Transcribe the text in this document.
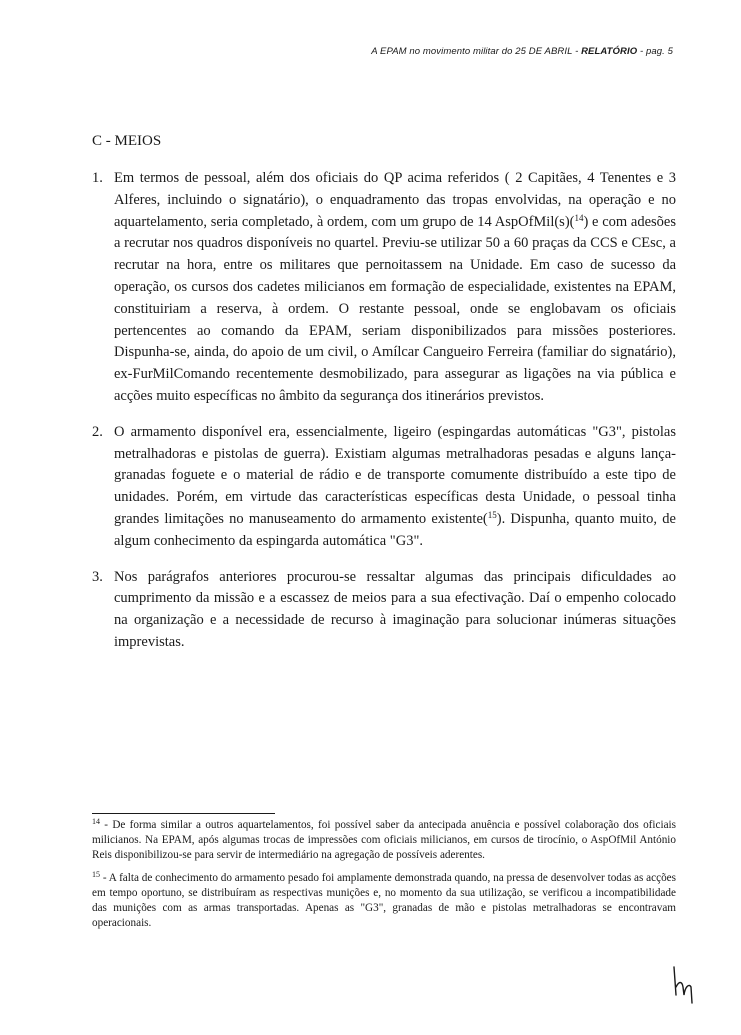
A EPAM no movimento militar do 25 DE ABRIL - RELATÓRIO - pag. 5
C - MEIOS
1. Em termos de pessoal, além dos oficiais do QP acima referidos ( 2 Capitães, 4 Tenentes e 3 Alferes, incluindo o signatário), o enquadramento das tropas envolvidas, na operação e no aquartelamento, seria completado, à ordem, com um grupo de 14 AspOfMil(s)($^{14}$) e com adesões a recrutar nos quadros disponíveis no quartel. Previu-se utilizar 50 a 60 praças da CCS e CEsc, a recrutar na hora, entre os militares que pernoitassem na Unidade. Em caso de sucesso da operação, os cursos dos cadetes milicianos em formação de especialidade, existentes na EPAM, constituiriam a reserva, à ordem. O restante pessoal, onde se englobavam os oficiais pertencentes ao comando da EPAM, seriam disponibilizados para missões posteriores. Dispunha-se, ainda, do apoio de um civil, o Amílcar Cangueiro Ferreira (familiar do signatário), ex-FurMilComando recentemente desmobilizado, para assegurar as ligações na via pública e acções muito específicas no âmbito da segurança dos itinerários previstos.
2. O armamento disponível era, essencialmente, ligeiro (espingardas automáticas "G3", pistolas metralhadoras e pistolas de guerra). Existiam algumas metralhadoras pesadas e alguns lança-granadas foguete e o material de rádio e de transporte comumente distribuído a este tipo de unidades. Porém, em virtude das características específicas desta Unidade, o pessoal tinha grandes limitações no manuseamento do armamento existente($^{15}$). Dispunha, quanto muito, de algum conhecimento da espingarda automática "G3".
3. Nos parágrafos anteriores procurou-se ressaltar algumas das principais dificuldades ao cumprimento da missão e a escassez de meios para a sua efectivação. Daí o empenho colocado na organização e a necessidade de recurso à imaginação para solucionar inúmeras situações imprevistas.
$^{14}$ - De forma similar a outros aquartelamentos, foi possível saber da antecipada anuência e possível colaboração dos oficiais milicianos. Na EPAM, após algumas trocas de impressões com oficiais milicianos, em cursos de tirocínio, o AspOfMil António Reis disponibilizou-se para servir de intermediário na agregação de possíveis aderentes.
$^{15}$ - A falta de conhecimento do armamento pesado foi amplamente demonstrada quando, na pressa de desenvolver todas as acções em tempo oportuno, se distribuíram as respectivas munições e, no momento da sua utilização, se verificou a incompatibilidade das munições com as armas transportadas. Apenas as "G3", granadas de mão e pistolas metralhadoras se encontravam operacionais.
